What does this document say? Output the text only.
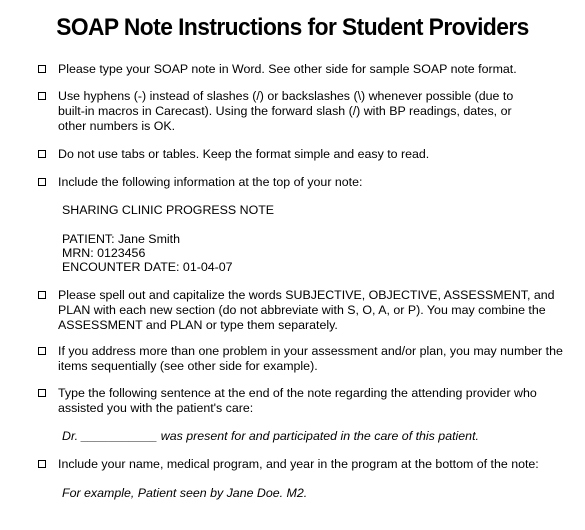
SOAP Note Instructions for Student Providers
Please type your SOAP note in Word. See other side for sample SOAP note format.
Use hyphens (-) instead of slashes (/) or backslashes (\) whenever possible (due to
built-in macros in Carecast). Using the forward slash (/) with BP readings, dates, or
other numbers is OK.
Do not use tabs or tables. Keep the format simple and easy to read.
Include the following information at the top of your note:
SHARING CLINIC PROGRESS NOTE
PATIENT: Jane Smith
MRN: 0123456
ENCOUNTER DATE: 01-04-07
Please spell out and capitalize the words SUBJECTIVE, OBJECTIVE, ASSESSMENT, and
PLAN with each new section (do not abbreviate with S, O, A, or P). You may combine the
ASSESSMENT and PLAN or type them separately.
If you address more than one problem in your assessment and/or plan, you may number the
items sequentially (see other side for example).
Type the following sentence at the end of the note regarding the attending provider who
assisted you with the patient's care:
Dr. ___________ was present for and participated in the care of this patient.
Include your name, medical program, and year in the program at the bottom of the note:
For example, Patient seen by Jane Doe. M2.
